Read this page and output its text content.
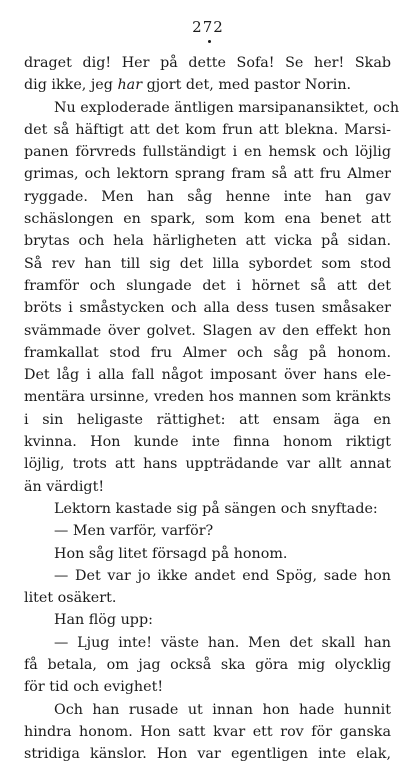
272
draget dig! Her på dette Sofa! Se her! Skab
dig ikke, jeg har gjort det, med pastor Norin.
Nu exploderade äntligen marsipanansiktet, och
det så häftigt att det kom frun att blekna. Marsi-
panen förvreds fullständigt i en hemsk och löjlig
grimas, och lektorn sprang fram så att fru Almer
ryggade. Men han såg henne inte han gav
schäslongen en spark, som kom ena benet att
brytas och hela härligheten att vicka på sidan.
Så rev han till sig det lilla sybordet som stod
framför och slungade det i hörnet så att det
bröts i småstycken och alla dess tusen småsaker
svämmade över golvet. Slagen av den effekt hon
framkallat stod fru Almer och såg på honom.
Det låg i alla fall något imposant över hans ele-
mentära ursinne, vreden hos mannen som kränkts
i sin heligaste rättighet: att ensam äga en
kvinna. Hon kunde inte finna honom riktigt
löjlig, trots att hans uppträdande var allt annat
än värdigt!
Lektorn kastade sig på sängen och snyftade:
— Men varför, varför?
Hon såg litet försagd på honom.
— Det var jo ikke andet end Spög, sade hon
litet osäkert.
Han flög upp:
— Ljug inte! väste han. Men det skall han
få betala, om jag också ska göra mig olycklig
för tid och evighet!
Och han rusade ut innan hon hade hunnit
hindra honom. Hon satt kvar ett rov för ganska
stridiga känslor. Hon var egentligen inte elak,
